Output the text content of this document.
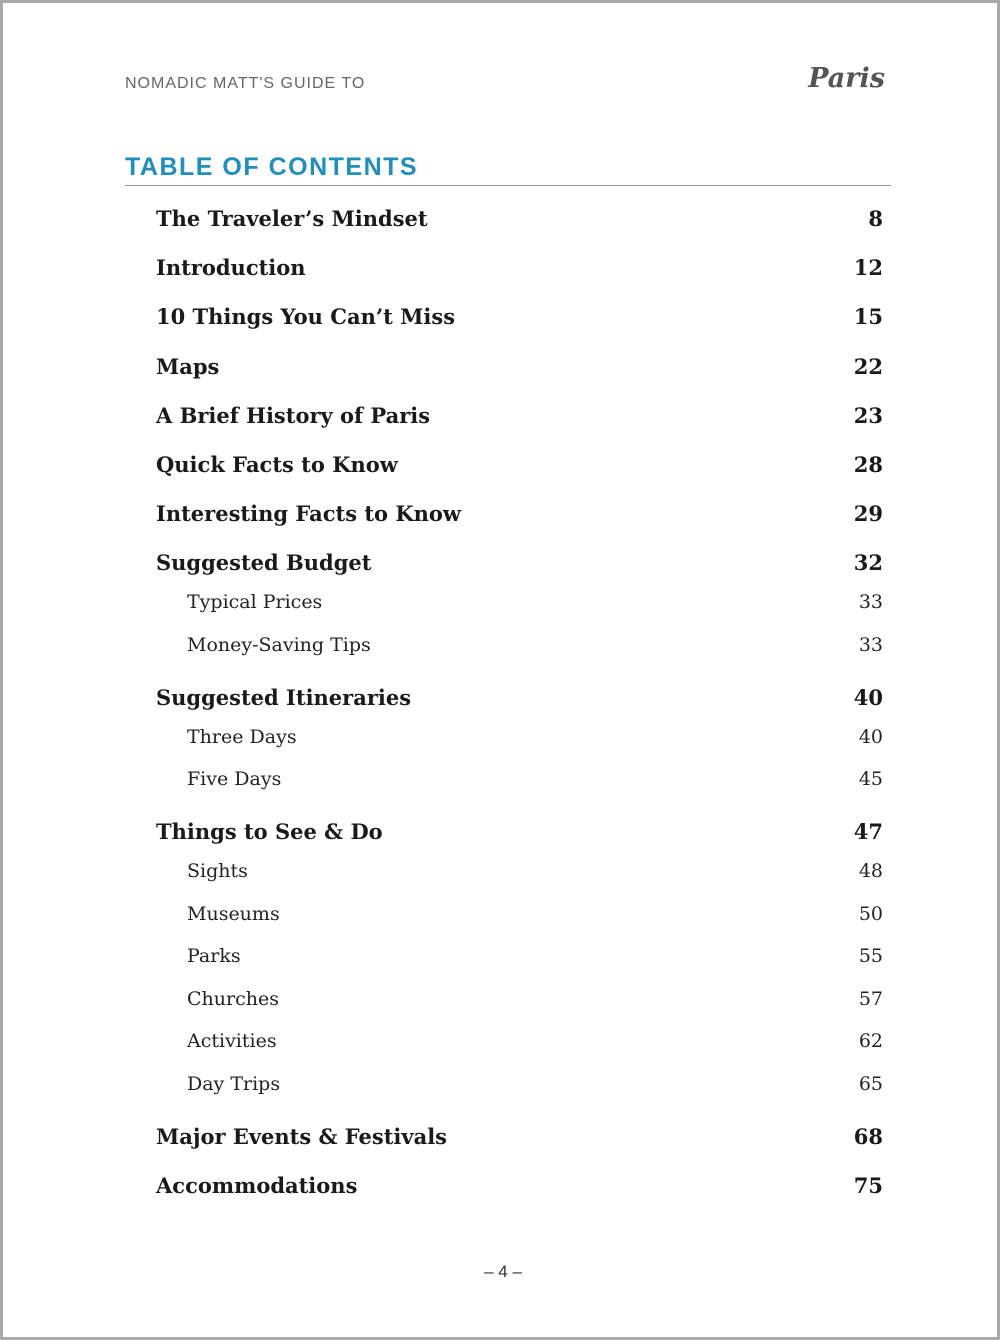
NOMADIC MATT'S GUIDE TO	Paris
TABLE OF CONTENTS
The Traveler’s Mindset	8
Introduction	12
10 Things You Can’t Miss	15
Maps	22
A Brief History of Paris	23
Quick Facts to Know	28
Interesting Facts to Know	29
Suggested Budget	32
Typical Prices	33
Money-Saving Tips	33
Suggested Itineraries	40
Three Days	40
Five Days	45
Things to See & Do	47
Sights	48
Museums	50
Parks	55
Churches	57
Activities	62
Day Trips	65
Major Events & Festivals	68
Accommodations	75
– 4 –
